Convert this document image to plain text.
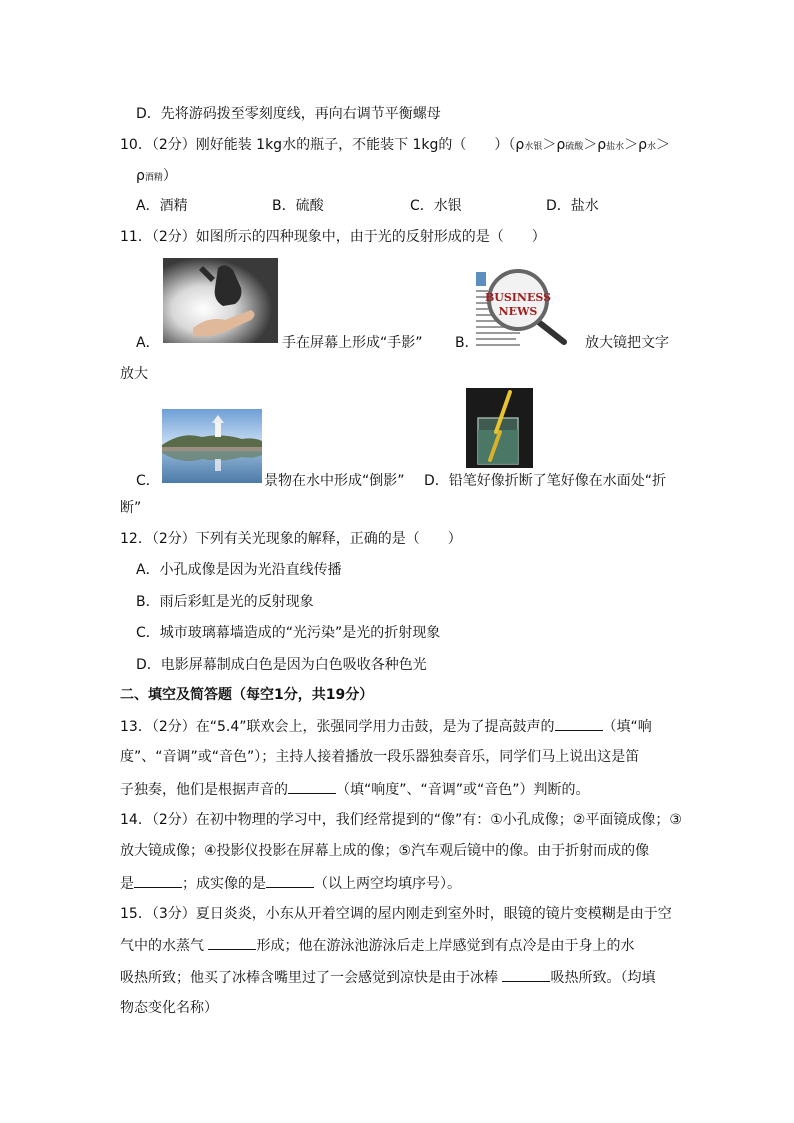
D．先将游码拨至零刻度线，再向右调节平衡螺母
10．（2分）刚好能装 1kg水的瓶子，不能装下 1kg的（　　）（ρ水银＞ρ硫酸＞ρ盐水＞ρ水＞
ρ酒精）
A．酒精	B．硫酸	C．水银	D．盐水
11．（2分）如图所示的四种现象中，由于光的反射形成的是（　　）
A．	手在屏幕上形成“手影”
BUSINESS
NEWS
B．	放大镜把文字
放大
C．	景物在水中形成“倒影” D．铅笔好像折断了笔好像在水面处“折
断”
12．（2分）下列有关光现象的解释，正确的是（　　）
A．小孔成像是因为光沿直线传播
B．雨后彩虹是光的反射现象
C．城市玻璃幕墙造成的“光污染”是光的折射现象
D．电影屏幕制成白色是因为白色吸收各种色光
二、填空及简答题（每空1分，共19分）
13．（2分）在“5.4”联欢会上，张强同学用力击鼓，是为了提高鼓声的	（填“响
度”、“音调”或“音色”）；主持人接着播放一段乐器独奏音乐，同学们马上说出这是笛
子独奏，他们是根据声音的	（填“响度”、“音调”或“音色”）判断的。
14．（2分）在初中物理的学习中，我们经常提到的“像”有：①小孔成像；②平面镜成像；③
放大镜成像；④投影仪投影在屏幕上成的像；⑤汽车观后镜中的像。由于折射而成的像
是	；成实像的是	（以上两空均填序号）。
15．（3分）夏日炎炎，小东从开着空调的屋内刚走到室外时，眼镜的镜片变模糊是由于空
气中的水蒸气	形成；他在游泳池游泳后走上岸感觉到有点冷是由于身上的水
吸热所致；他买了冰棒含嘴里过了一会感觉到凉快是由于冰棒	吸热所致。（均填
物态变化名称）
